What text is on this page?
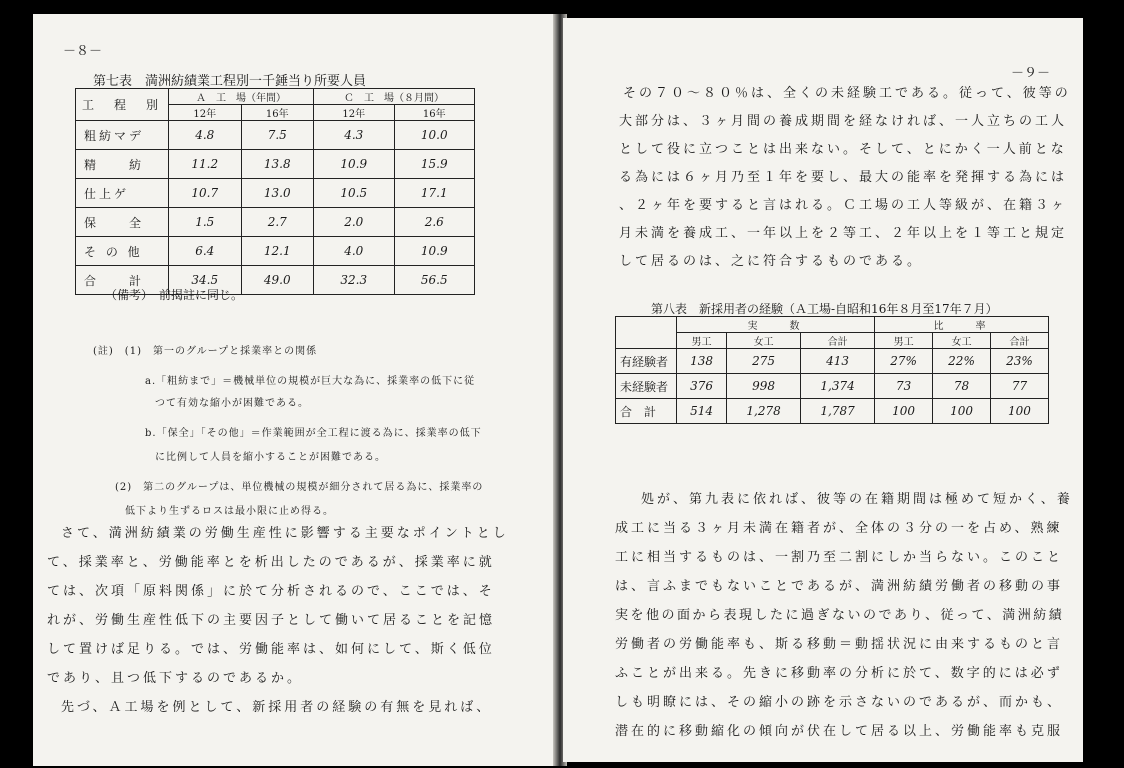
－８－
第七表　満洲紡績業工程別一千錘当り所要人員
工　程　別	Ａ　工　場（年間）		Ｃ　工　場（８月間）	
	12年	16年	12年	16年
粗紡マデ	4.8	7.5	4.3	10.0
精　　紡	11.2	13.8	10.9	15.9
仕上ゲ	10.7	13.0	10.5	17.1
保　　全	1.5	2.7	2.0	2.6
そ の 他	6.4	12.1	4.0	10.9
合　　計	34.5	49.0	32.3	56.5
（備考）　前揭註に同じ。
(註)　(1)　第一のグループと採業率との関係
a.「粗紡まで」＝機械単位の規模が巨大な為に、採業率の低下に従
つて有効な縮小が困難である。
b.「保全」「その他」＝作業範囲が全工程に渡る為に、採業率の低下
に比例して人員を縮小することが困難である。
(2)　第二のグループは、単位機械の規模が細分されて居る為に、採業率の
低下より生ずるロスは最小限に止め得る。
さて、満洲紡績業の労働生産性に影響する主要なポイントとし
て、採業率と、労働能率とを析出したのであるが、採業率に就
ては、次項「原料関係」に於て分析されるので、ここでは、そ
れが、労働生産性低下の主要因子として働いて居ることを記憶
して置けば足りる。では、労働能率は、如何にして、斯く低位
であり、且つ低下するのであるか。
先づ、Ａ工場を例として、新採用者の経験の有無を見れば、
－９－
その７０～８０％は、全くの未経験工である。従って、彼等の
大部分は、３ヶ月間の養成期間を経なければ、一人立ちの工人
として役に立つことは出来ない。そして、とにかく一人前とな
る為には６ヶ月乃至１年を要し、最大の能率を発揮する為には
、２ヶ年を要すると言はれる。Ｃ工場の工人等級が、在籍３ヶ
月未満を養成工、一年以上を２等工、２年以上を１等工と規定
して居るのは、之に符合するものである。
第八表　新採用者の経験（Ａ工場-自昭和16年８月至17年７月）
	実　　数			比　　率		
	男工	女工	合計	男工	女工	合計
有経験者	138	275	413	27%	22%	23%
未経験者	376	998	1,374	73	78	77
合　計	514	1,278	1,787	100	100	100
処が、第九表に依れば、彼等の在籍期間は極めて短かく、養
成工に当る３ヶ月未満在籍者が、全体の３分の一を占め、熟練
工に相当するものは、一割乃至二割にしか当らない。このこと
は、言ふまでもないことであるが、満洲紡績労働者の移動の事
実を他の面から表現したに過ぎないのであり、従って、満洲紡績
労働者の労働能率も、斯る移動＝動揺状況に由来するものと言
ふことが出来る。先きに移動率の分析に於て、数字的には必ず
しも明瞭には、その縮小の跡を示さないのであるが、而かも、
潜在的に移動縮化の傾向が伏在して居る以上、労働能率も克服
